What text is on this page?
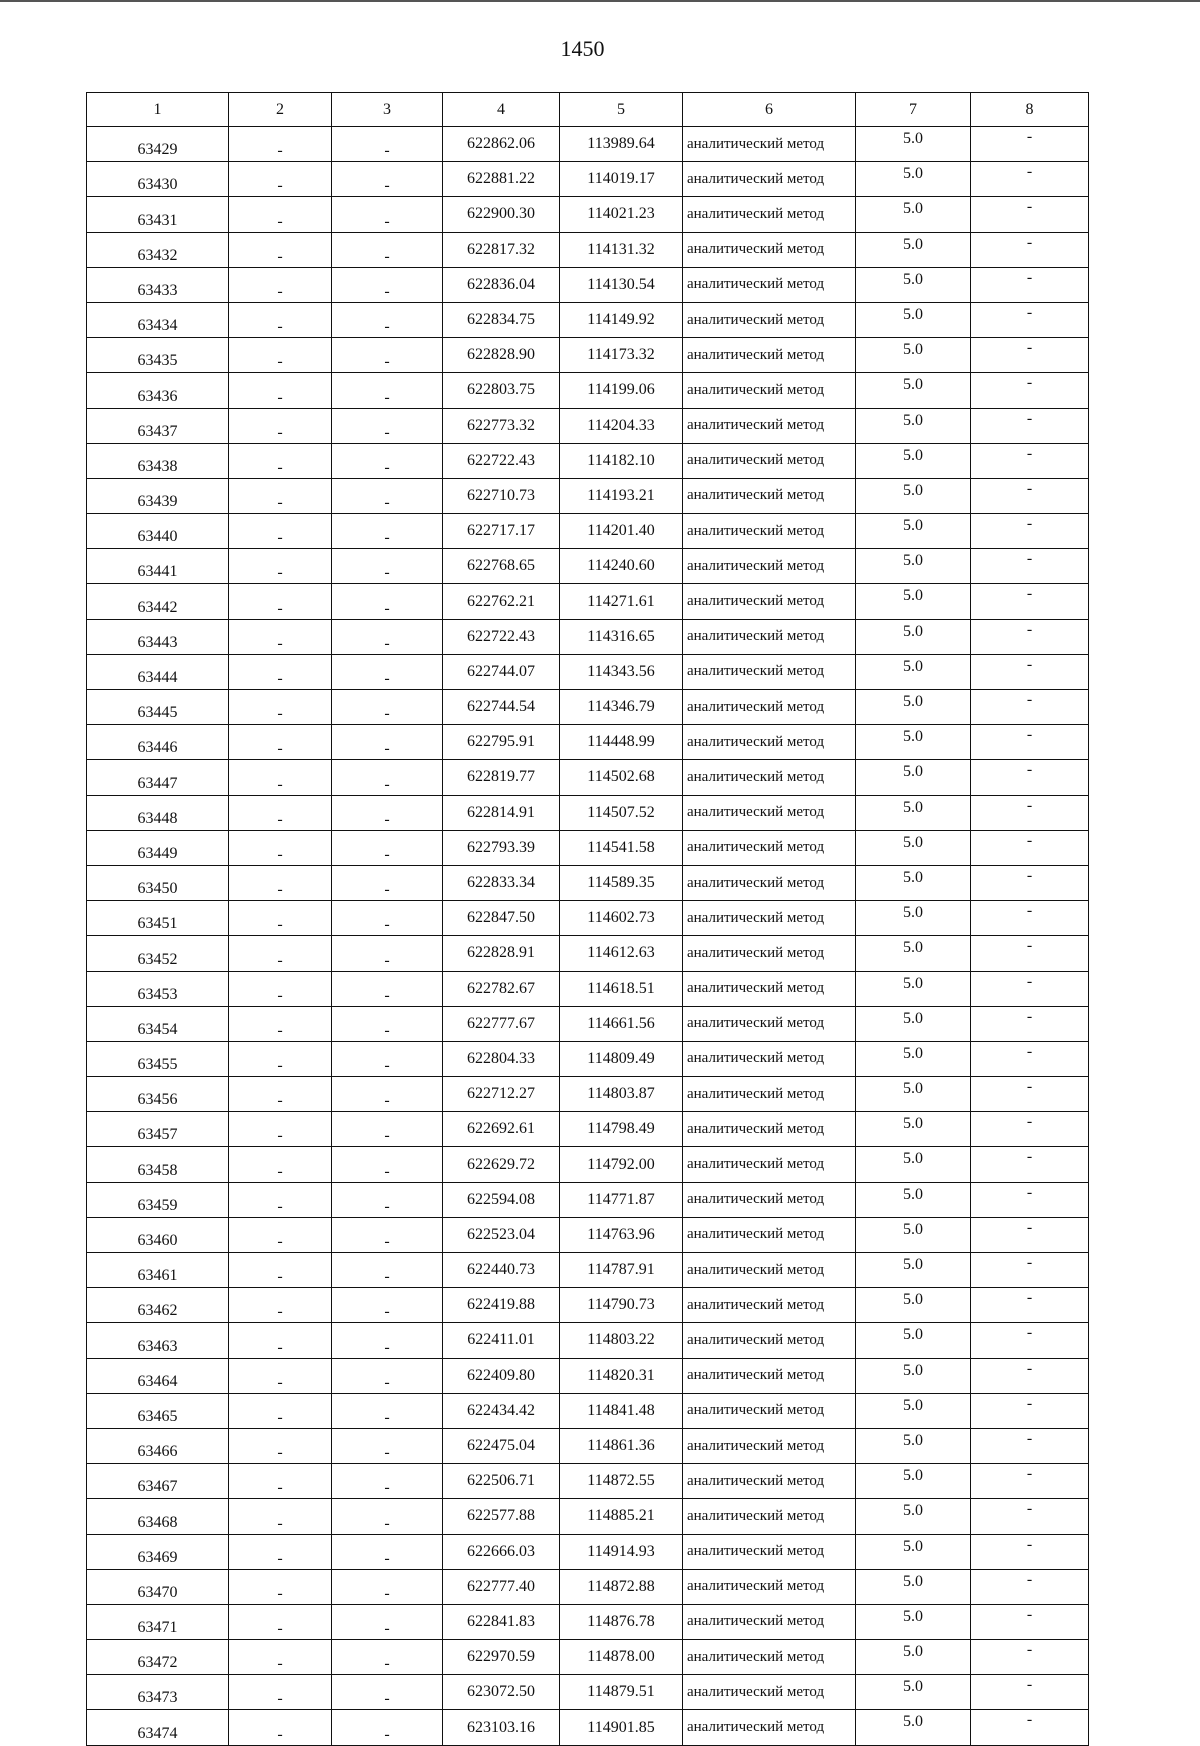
1450
1	2	3	4	5	6	7	8
63429	-	-	622862.06	113989.64	аналитический метод	5.0	-
63430	-	-	622881.22	114019.17	аналитический метод	5.0	-
63431	-	-	622900.30	114021.23	аналитический метод	5.0	-
63432	-	-	622817.32	114131.32	аналитический метод	5.0	-
63433	-	-	622836.04	114130.54	аналитический метод	5.0	-
63434	-	-	622834.75	114149.92	аналитический метод	5.0	-
63435	-	-	622828.90	114173.32	аналитический метод	5.0	-
63436	-	-	622803.75	114199.06	аналитический метод	5.0	-
63437	-	-	622773.32	114204.33	аналитический метод	5.0	-
63438	-	-	622722.43	114182.10	аналитический метод	5.0	-
63439	-	-	622710.73	114193.21	аналитический метод	5.0	-
63440	-	-	622717.17	114201.40	аналитический метод	5.0	-
63441	-	-	622768.65	114240.60	аналитический метод	5.0	-
63442	-	-	622762.21	114271.61	аналитический метод	5.0	-
63443	-	-	622722.43	114316.65	аналитический метод	5.0	-
63444	-	-	622744.07	114343.56	аналитический метод	5.0	-
63445	-	-	622744.54	114346.79	аналитический метод	5.0	-
63446	-	-	622795.91	114448.99	аналитический метод	5.0	-
63447	-	-	622819.77	114502.68	аналитический метод	5.0	-
63448	-	-	622814.91	114507.52	аналитический метод	5.0	-
63449	-	-	622793.39	114541.58	аналитический метод	5.0	-
63450	-	-	622833.34	114589.35	аналитический метод	5.0	-
63451	-	-	622847.50	114602.73	аналитический метод	5.0	-
63452	-	-	622828.91	114612.63	аналитический метод	5.0	-
63453	-	-	622782.67	114618.51	аналитический метод	5.0	-
63454	-	-	622777.67	114661.56	аналитический метод	5.0	-
63455	-	-	622804.33	114809.49	аналитический метод	5.0	-
63456	-	-	622712.27	114803.87	аналитический метод	5.0	-
63457	-	-	622692.61	114798.49	аналитический метод	5.0	-
63458	-	-	622629.72	114792.00	аналитический метод	5.0	-
63459	-	-	622594.08	114771.87	аналитический метод	5.0	-
63460	-	-	622523.04	114763.96	аналитический метод	5.0	-
63461	-	-	622440.73	114787.91	аналитический метод	5.0	-
63462	-	-	622419.88	114790.73	аналитический метод	5.0	-
63463	-	-	622411.01	114803.22	аналитический метод	5.0	-
63464	-	-	622409.80	114820.31	аналитический метод	5.0	-
63465	-	-	622434.42	114841.48	аналитический метод	5.0	-
63466	-	-	622475.04	114861.36	аналитический метод	5.0	-
63467	-	-	622506.71	114872.55	аналитический метод	5.0	-
63468	-	-	622577.88	114885.21	аналитический метод	5.0	-
63469	-	-	622666.03	114914.93	аналитический метод	5.0	-
63470	-	-	622777.40	114872.88	аналитический метод	5.0	-
63471	-	-	622841.83	114876.78	аналитический метод	5.0	-
63472	-	-	622970.59	114878.00	аналитический метод	5.0	-
63473	-	-	623072.50	114879.51	аналитический метод	5.0	-
63474	-	-	623103.16	114901.85	аналитический метод	5.0	-
